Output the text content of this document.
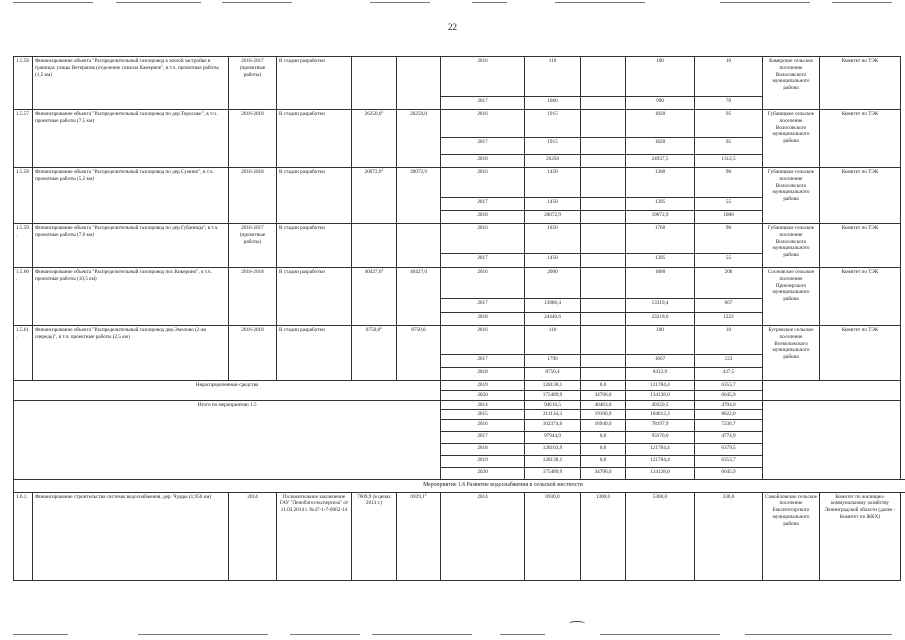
22
1.5.56	Финансирование объекта "Распределительный газопровод к жилой застройке в границах улицы Ветеранов (отделение совхоза Камерное", в т.ч. проектные работы (1,5 км)	2016-2017 (проектные работы)	В стадии разработки			2016	110		100	10	Камерское сельское поселение Волосовского муниципального района	Комитет по ТЭК
						2017	1060		990	70		
1.5.57	Финансирование объекта "Распределительный газопровод по дер.Торосово", в т.ч. проектные работы (7,5 км)	2016-2018	В стадии разработки	26250,0$^2$	26250,0	2016	1915		1820	95	Губаницкое сельское поселение Волосовского муниципального района	Комитет по ТЭК
						2017	1915		1820	95		
						2018	26250		24937,5	1312,5		
1.5.58	Финансирование объекта "Распределительный газопровод по дер.Сумино", в т.ч. проектные работы (5,2 км)	2016-2018	В стадии разработки	20072,9$^2$	20072,9	2016	1450		1360	90	Губаницкое сельское поселение Волосовского муниципального района	Комитет по ТЭК
						2017	1450		1395	55		
						2018	20072,9		19072,9	1000		
1.5.59.	Финансирование объекта "Распределительный газопровод по дер.Губаницы", в т.ч. проектные работы (7,0 км)	2016-2017 (проектные работы)	В стадии разработки			2016	1850		1760	90	Губаницкое сельское поселение Волосовского муниципального района	Комитет по ТЭК
						2017	1450		1395	55		
1.5.60.	Финансирование объекта "Распределительный газопровод пос.Кикерино", в т.ч. проектные работы (10,5 км)	2016-2018	В стадии разработки	40427,0$^2$	40427,0	2016	2000		1800	200	Сосновское сельское поселение Приозерского муниципального района	Комитет по ТЭК
						2017	13986,4		13319,4	667		
						2018	24440,6		23218,6	1222		
1.5.61.	Финансирование объекта "Распределительный газопровод дер.Эмолово (2-ая очередь)", в т.ч. проектные работы (2,5 км)	2016-2018	В стадии разработки	8750,0$^2$	8750,0	2016	110		100	10	Бугровское сельское поселение Всеволожского муниципального района	Комитет по ТЭК
						2017	1790		1667	123		
						2018	8750,4		8312,9	437,5		
Нераспределенные средства						2019	128138,1	0,0	121784,4	6353,7		
						2020	175489,9	34706,0	134138,0	6645,9		
Итого по мероприятию 1.5						2014	94616,5	40463,0	49359,5	4794,0		
						2015	211134,3	19100,0	184012,3	8022,0		
						2016	102374,6	16940,0	78197,9	7236,7		
						2017	97944,9	0,0	93170,0	4774,9		
						2018	128163,9	0,0	121784,4	6379,5		
						2019	128138,1	0,0	121784,4	6353,7		
						2020	175489,9	34706,0	134138,0	6645,9		
Мероприятие 1.6 Развитие водоснабжения в сельской местности												
1.6.1.	Финансирование строительства системы водоснабжения, дер. Чудцы (1,956 км)	2014	Положительное заключение ГАУ "Леноблгосэкспертиза" от 11.03.2014 г. №47-1-7-0062-14	7609,9 (в ценах 2013 г.)	6929,1$^2$	2014	6930,0	1300,0	5300,0	330,0	Самойловское сельское поселение Бокситогорского муниципального района	Комитет по жилищно-коммунальному хозяйству Ленинградской области (далее - Комитет по ЖКХ)
